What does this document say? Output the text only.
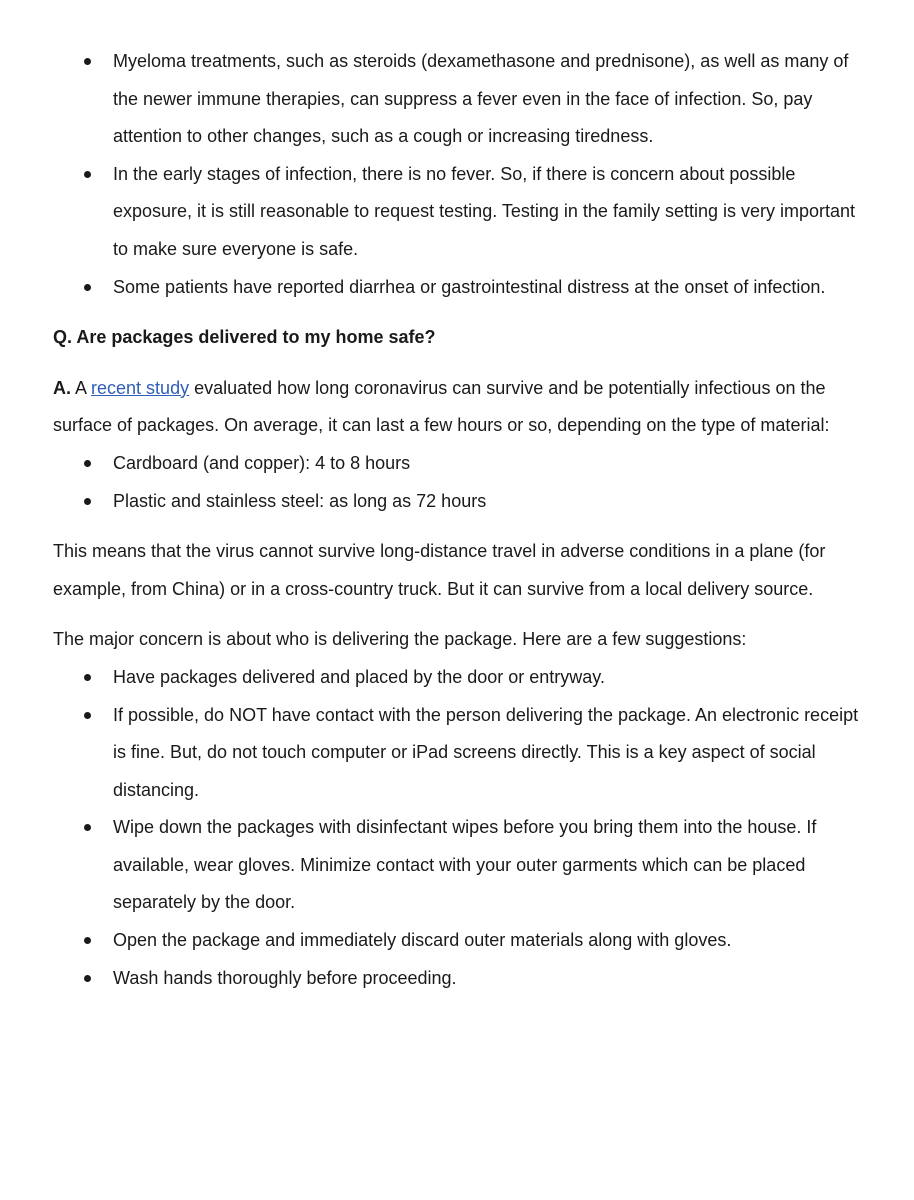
Myeloma treatments, such as steroids (dexamethasone and prednisone), as well as many of the newer immune therapies, can suppress a fever even in the face of infection. So, pay attention to other changes, such as a cough or increasing tiredness.
In the early stages of infection, there is no fever. So, if there is concern about possible exposure, it is still reasonable to request testing. Testing in the family setting is very important to make sure everyone is safe.
Some patients have reported diarrhea or gastrointestinal distress at the onset of infection.
Q. Are packages delivered to my home safe?

A. A recent study evaluated how long coronavirus can survive and be potentially infectious on the surface of packages. On average, it can last a few hours or so, depending on the type of material:

Cardboard (and copper): 4 to 8 hours
Plastic and stainless steel: as long as 72 hours

This means that the virus cannot survive long-distance travel in adverse conditions in a plane (for example, from China) or in a cross-country truck. But it can survive from a local delivery source.

The major concern is about who is delivering the package. Here are a few suggestions:

Have packages delivered and placed by the door or entryway.
If possible, do NOT have contact with the person delivering the package. An electronic receipt is fine. But, do not touch computer or iPad screens directly. This is a key aspect of social distancing.
Wipe down the packages with disinfectant wipes before you bring them into the house. If available, wear gloves. Minimize contact with your outer garments which can be placed separately by the door.
Open the package and immediately discard outer materials along with gloves.
Wash hands thoroughly before proceeding.
